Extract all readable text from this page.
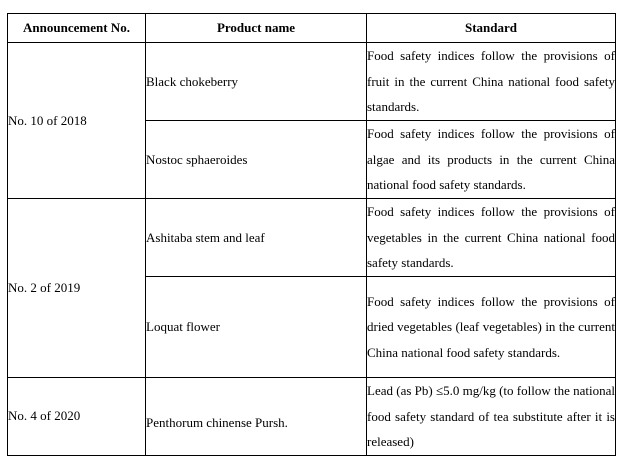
Announcement No.	Product name	Standard
No. 10 of 2018	Black chokeberry	Food safety indices follow the provisions of fruit in the current China national food safety standards.
	Nostoc sphaeroides	Food safety indices follow the provisions of algae and its products in the current China national food safety standards.
No. 2 of 2019	Ashitaba stem and leaf	Food safety indices follow the provisions of vegetables in the current China national food safety standards.
	Loquat flower	Food safety indices follow the provisions of dried vegetables (leaf vegetables) in the current China national food safety standards.
No. 4 of 2020	Penthorum chinense Pursh.	Lead (as Pb) ≤5.0 mg/kg (to follow the national food safety standard of tea substitute after it is released)
